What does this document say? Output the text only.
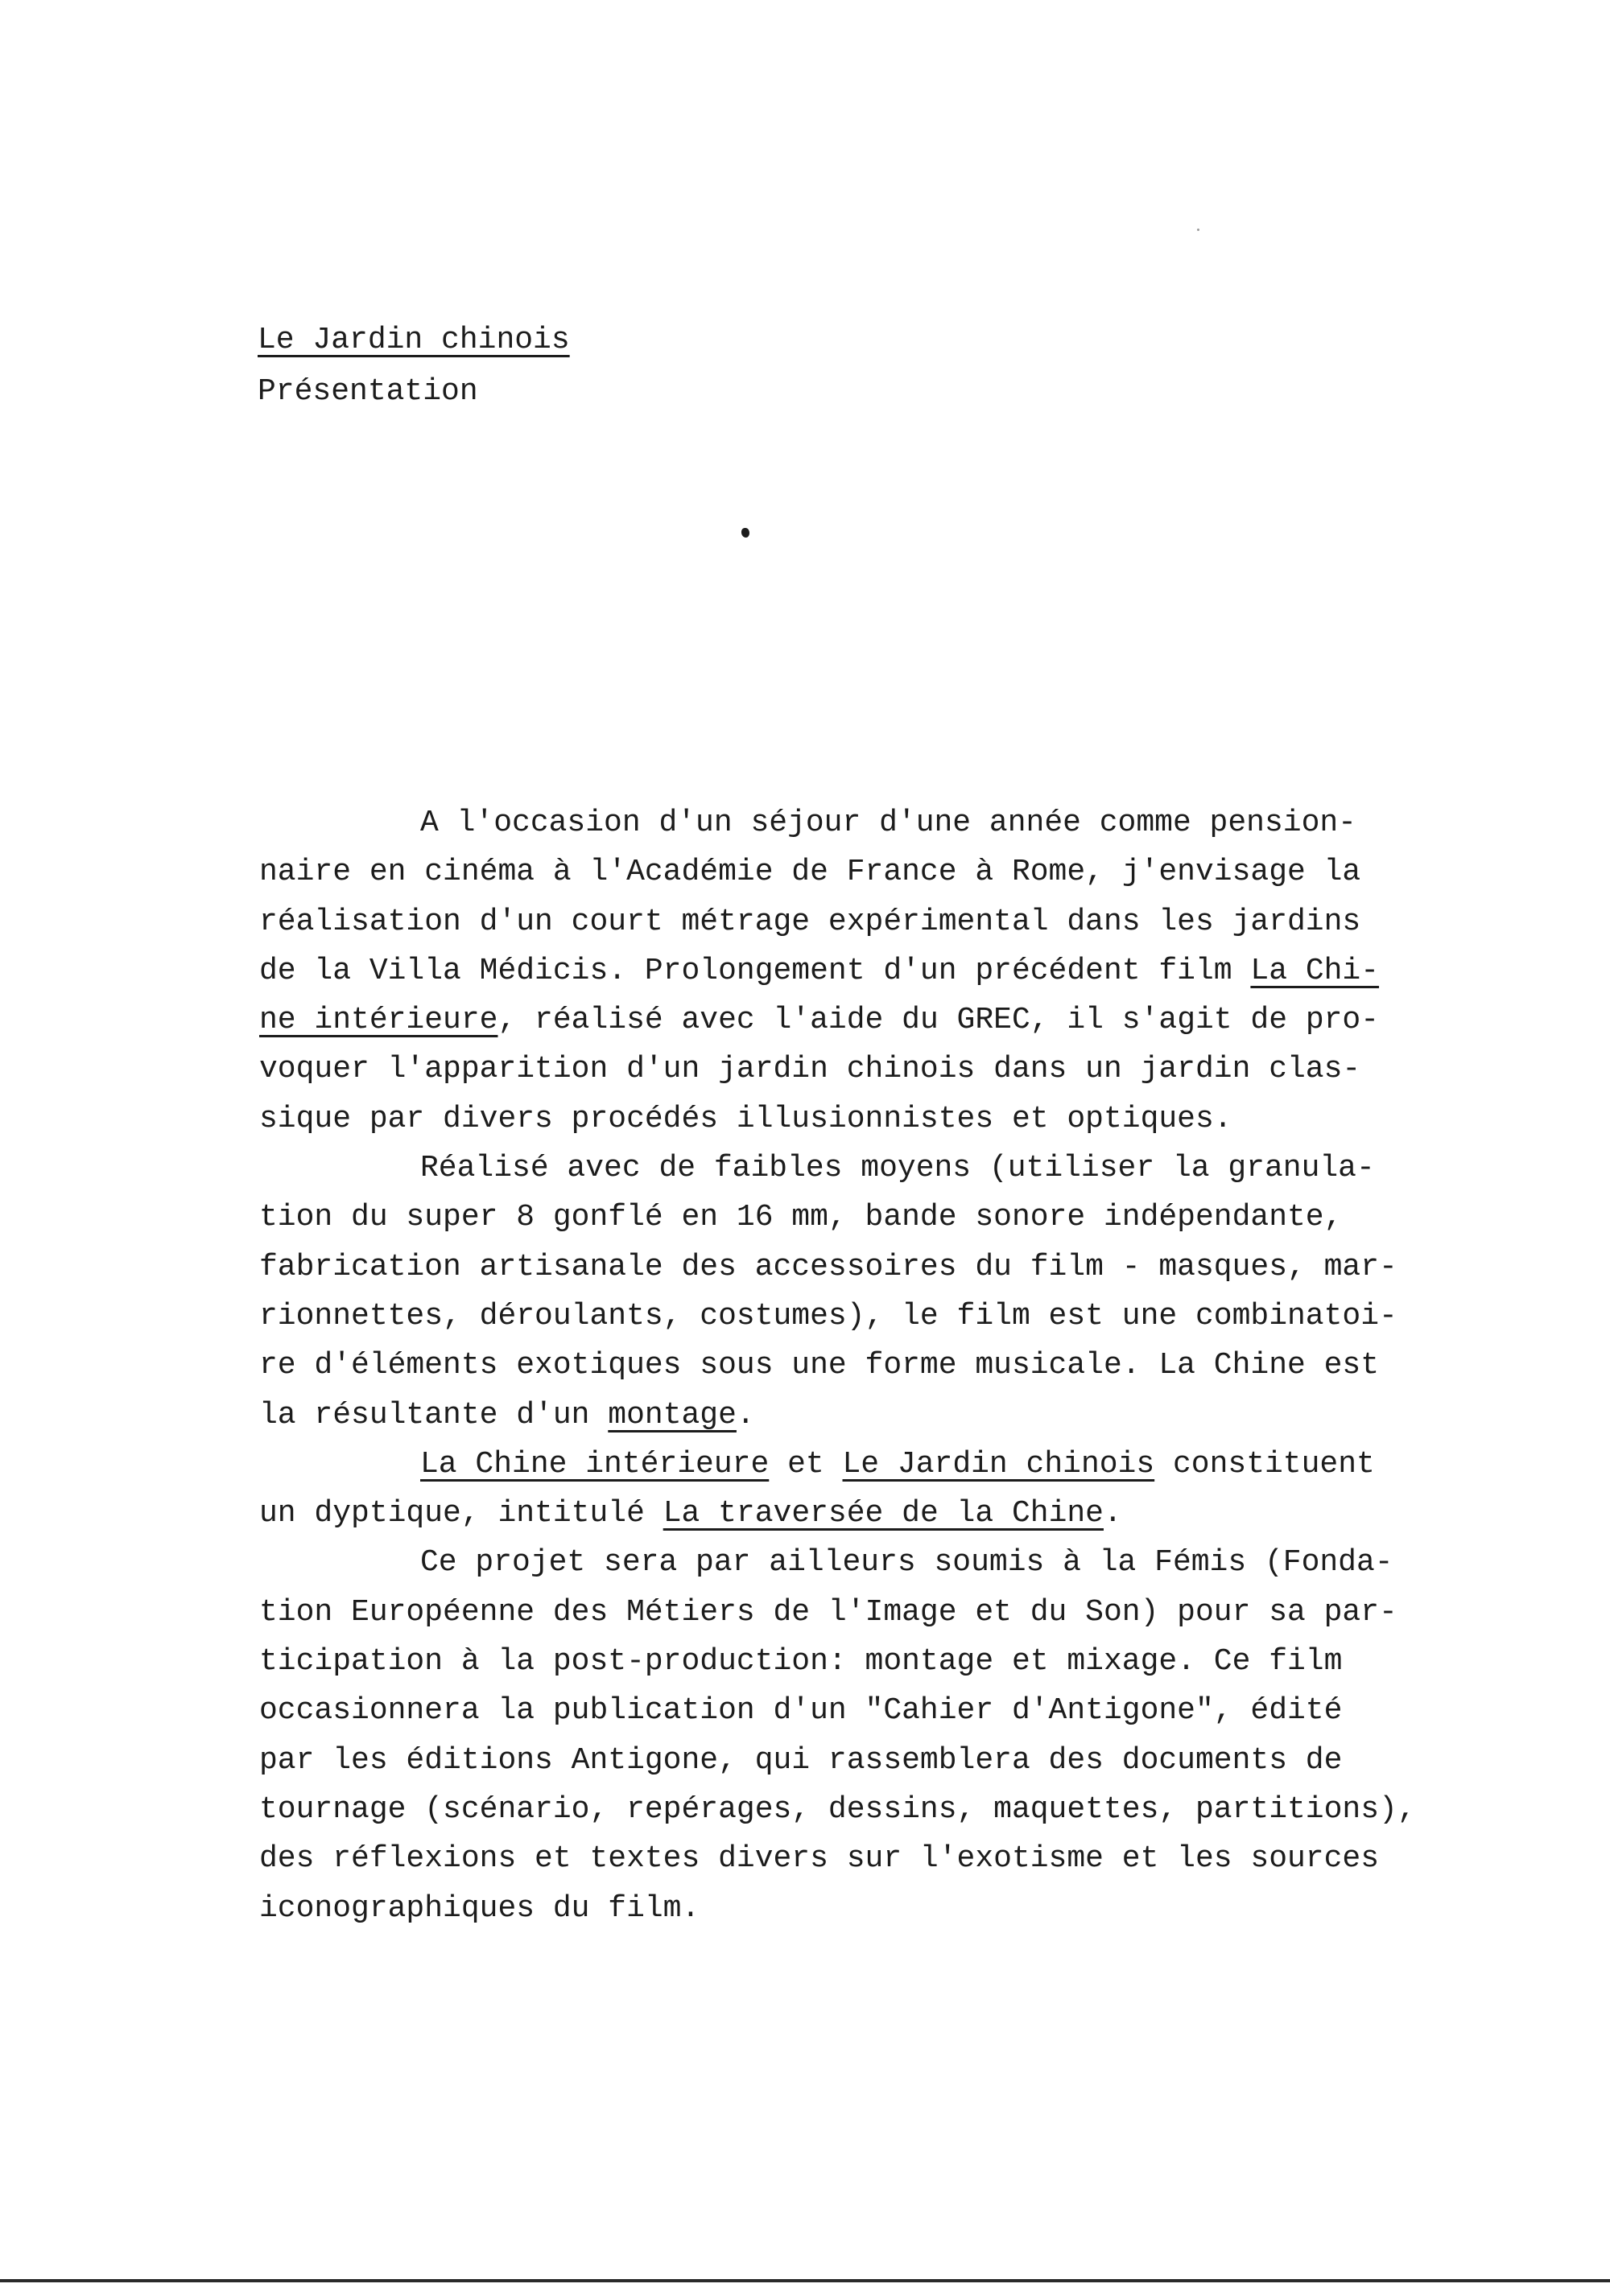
Le Jardin chinois
Présentation
A l'occasion d'un séjour d'une année comme pension-
naire en cinéma à l'Académie de France à Rome, j'envisage la
réalisation d'un court métrage expérimental dans les jardins
de la Villa Médicis. Prolongement d'un précédent film La Chi-
ne intérieure, réalisé avec l'aide du GREC, il s'agit de pro-
voquer l'apparition d'un jardin chinois dans un jardin clas-
sique par divers procédés illusionnistes et optiques.
Réalisé avec de faibles moyens (utiliser la granula-
tion du super 8 gonflé en 16 mm, bande sonore indépendante,
fabrication artisanale des accessoires du film - masques, mar-
rionnettes, déroulants, costumes), le film est une combinatoi-
re d'éléments exotiques sous une forme musicale. La Chine est
la résultante d'un montage.
La Chine intérieure et Le Jardin chinois constituent
un dyptique, intitulé La traversée de la Chine.
Ce projet sera par ailleurs soumis à la Fémis (Fonda-
tion Européenne des Métiers de l'Image et du Son) pour sa par-
ticipation à la post-production: montage et mixage. Ce film
occasionnera la publication d'un "Cahier d'Antigone", édité
par les éditions Antigone, qui rassemblera des documents de
tournage (scénario, repérages, dessins, maquettes, partitions),
des réflexions et textes divers sur l'exotisme et les sources
iconographiques du film.
